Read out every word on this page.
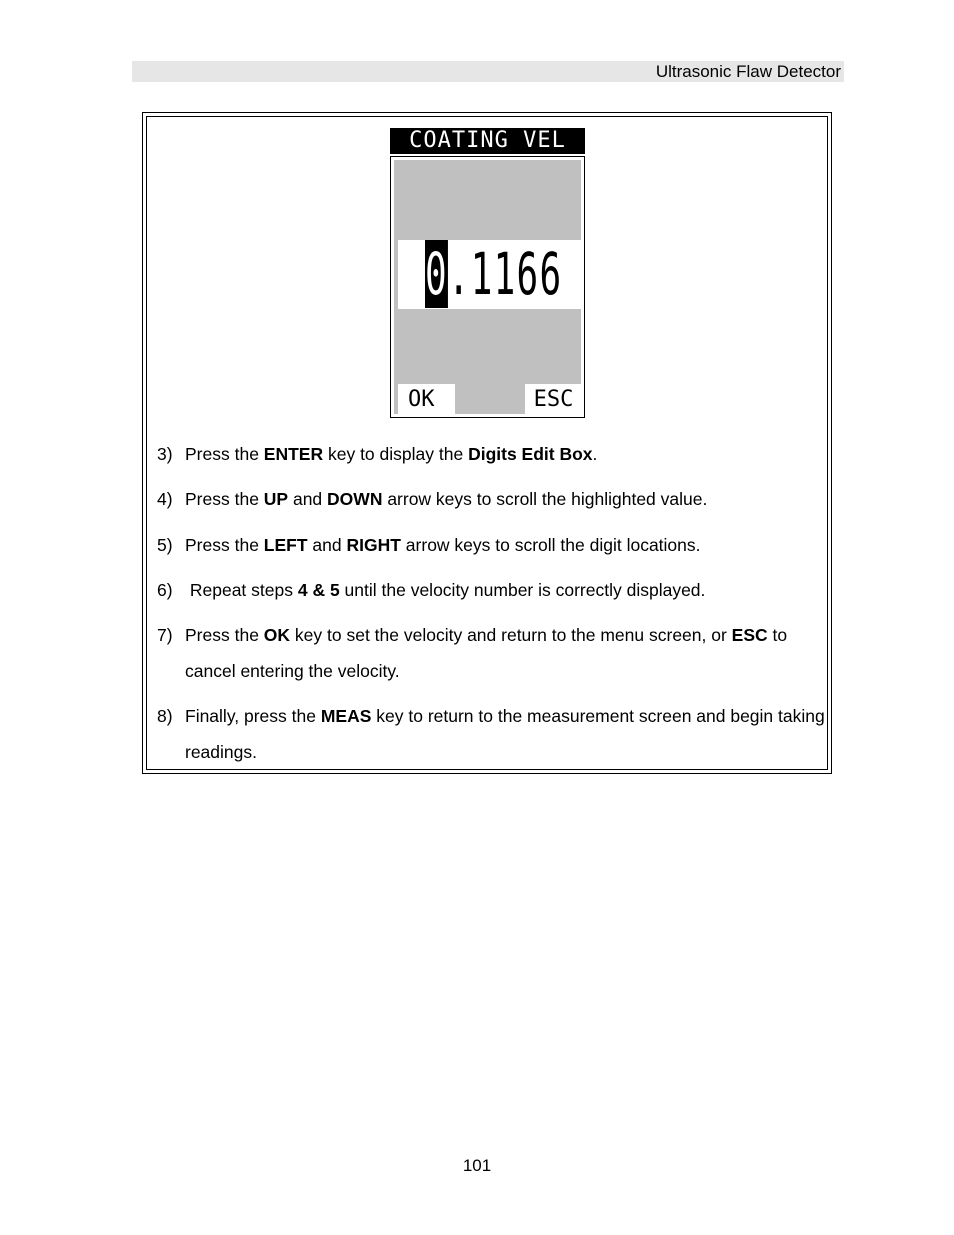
Ultrasonic Flaw Detector
COATING VEL
0.1166
OK	ESC
3) Press the ENTER key to display the Digits Edit Box.
4) Press the UP and DOWN arrow keys to scroll the highlighted value.
5) Press the LEFT and RIGHT arrow keys to scroll the digit locations.
6) Repeat steps 4 & 5 until the velocity number is correctly displayed.
7) Press the OK key to set the velocity and return to the menu screen, or ESC to cancel entering the velocity.
8) Finally, press the MEAS key to return to the measurement screen and begin taking readings.
101
